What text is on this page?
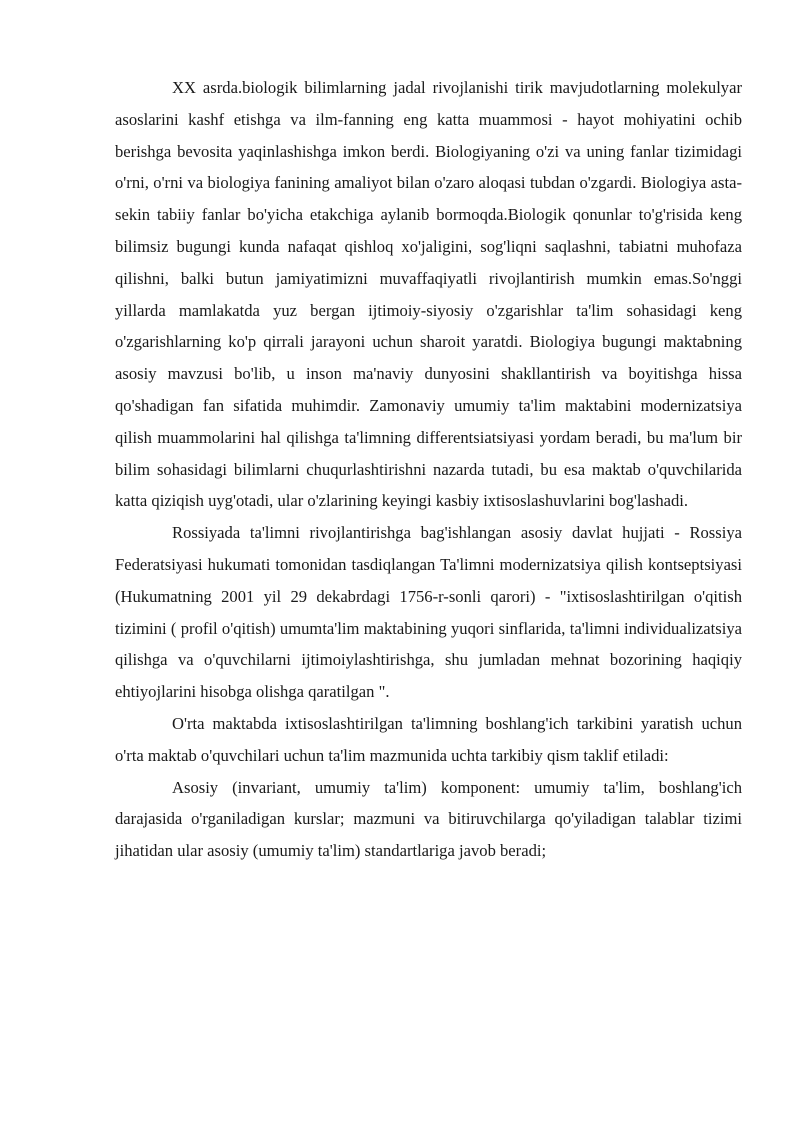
XX asrda.biologik bilimlarning jadal rivojlanishi tirik mavjudotlarning molekulyar asoslarini kashf etishga va ilm-fanning eng katta muammosi - hayot mohiyatini ochib berishga bevosita yaqinlashishga imkon berdi. Biologiyaning o'zi va uning fanlar tizimidagi o'rni, o'rni va biologiya fanining amaliyot bilan o'zaro aloqasi tubdan o'zgardi. Biologiya asta-sekin tabiiy fanlar bo'yicha etakchiga aylanib bormoqda.Biologik qonunlar to'g'risida keng bilimsiz bugungi kunda nafaqat qishloq xo'jaligini, sog'liqni saqlashni, tabiatni muhofaza qilishni, balki butun jamiyatimizni muvaffaqiyatli rivojlantirish mumkin emas.So'nggi yillarda mamlakatda yuz bergan ijtimoiy-siyosiy o'zgarishlar ta'lim sohasidagi keng o'zgarishlarning ko'p qirrali jarayoni uchun sharoit yaratdi. Biologiya bugungi maktabning asosiy mavzusi bo'lib, u inson ma'naviy dunyosini shakllantirish va boyitishga hissa qo'shadigan fan sifatida muhimdir. Zamonaviy umumiy ta'lim maktabini modernizatsiya qilish muammolarini hal qilishga ta'limning differentsiatsiyasi yordam beradi, bu ma'lum bir bilim sohasidagi bilimlarni chuqurlashtirishni nazarda tutadi, bu esa maktab o'quvchilarida katta qiziqish uyg'otadi, ular o'zlarining keyingi kasbiy ixtisoslashuvlarini bog'lashadi.

Rossiyada ta'limni rivojlantirishga bag'ishlangan asosiy davlat hujjati - Rossiya Federatsiyasi hukumati tomonidan tasdiqlangan Ta'limni modernizatsiya qilish kontseptsiyasi (Hukumatning 2001 yil 29 dekabrdagi 1756-r-sonli qarori) - "ixtisoslashtirilgan o'qitish tizimini ( profil o'qitish) umumta'lim maktabining yuqori sinflarida, ta'limni individualizatsiya qilishga va o'quvchilarni ijtimoiylashtirishga, shu jumladan mehnat bozorining haqiqiy ehtiyojlarini hisobga olishga qaratilgan ".

O'rta maktabda ixtisoslashtirilgan ta'limning boshlang'ich tarkibini yaratish uchun o'rta maktab o'quvchilari uchun ta'lim mazmunida uchta tarkibiy qism taklif etiladi:

Asosiy (invariant, umumiy ta'lim) komponent: umumiy ta'lim, boshlang'ich darajasida o'rganiladigan kurslar; mazmuni va bitiruvchilarga qo'yiladigan talablar tizimi jihatidan ular asosiy (umumiy ta'lim) standartlariga javob beradi;
